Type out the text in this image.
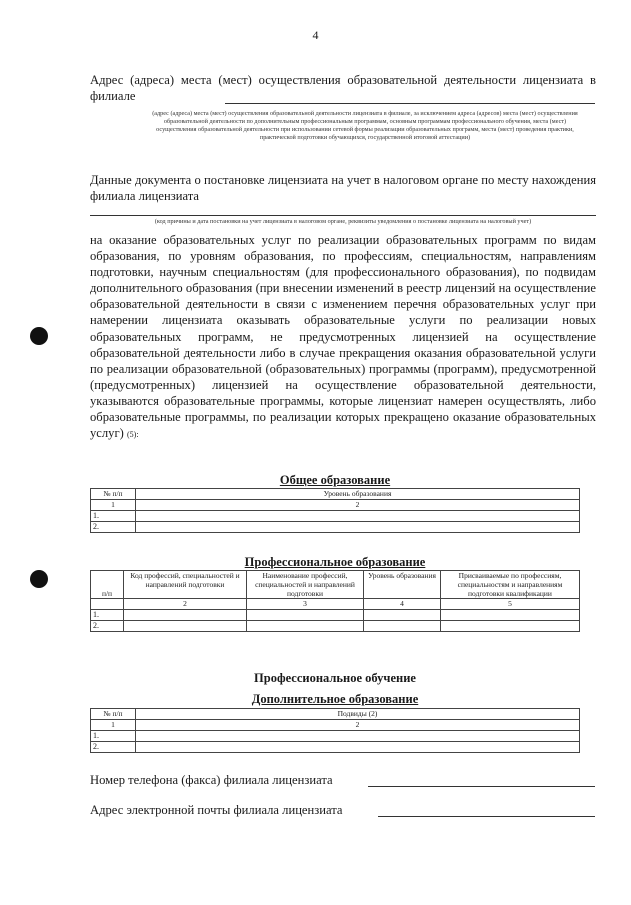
4
Адрес (адреса) места (мест) осуществления образовательной деятельности лицензиата в филиале
(адрес (адреса) места (мест) осуществления образовательной деятельности лицензиата в филиале, за исключением адреса (адресов) места (мест) осуществления образовательной деятельности по дополнительным профессиональным программам, основным программам профессионального обучения, места (мест) осуществления образовательной деятельности при использовании сетевой формы реализации образовательных программ, места (мест) проведения практики, практической подготовки обучающихся, государственной итоговой аттестации)
Данные документа о постановке лицензиата на учет в налоговом органе по месту нахождения филиала лицензиата
(код причины и дата постановки на учет лицензиата в налоговом органе, реквизиты уведомления о постановке лицензиата на налоговый учет)
на оказание образовательных услуг по реализации образовательных программ по видам образования, по уровням образования, по профессиям, специальностям, направлениям подготовки, научным специальностям (для профессионального образования), по подвидам дополнительного образования (при внесении изменений в реестр лицензий на осуществление образовательной деятельности в связи с изменением перечня образовательных услуг при намерении лицензиата оказывать образовательные услуги по реализации новых образовательных программ, не предусмотренных лицензией на осуществление образовательной деятельности либо в случае прекращения оказания образовательной услуги по реализации образовательной (образовательных) программы (программ), предусмотренной (предусмотренных) лицензией на осуществление образовательной деятельности, указываются образовательные программы, которые лицензиат намерен осуществлять, либо образовательные программы, по реализации которых прекращено оказание образовательных услуг) (5):
Общее образование
№ п/п	Уровень образования
1	2
1.	
2.	
Профессиональное образование
п/п	Код профессий, специальностей и направлений подготовки	Наименование профессий, специальностей и направлений подготовки	Уровень образования	Присваиваемые по профессиям, специальностям и направлениям подготовки квалификации
	2	3	4	5
1.				
2.				
Профессиональное обучение
Дополнительное образование
№ п/п	Подвиды (2)
1	2
1.	
2.	
Номер телефона (факса) филиала лицензиата
Адрес электронной почты филиала лицензиата
